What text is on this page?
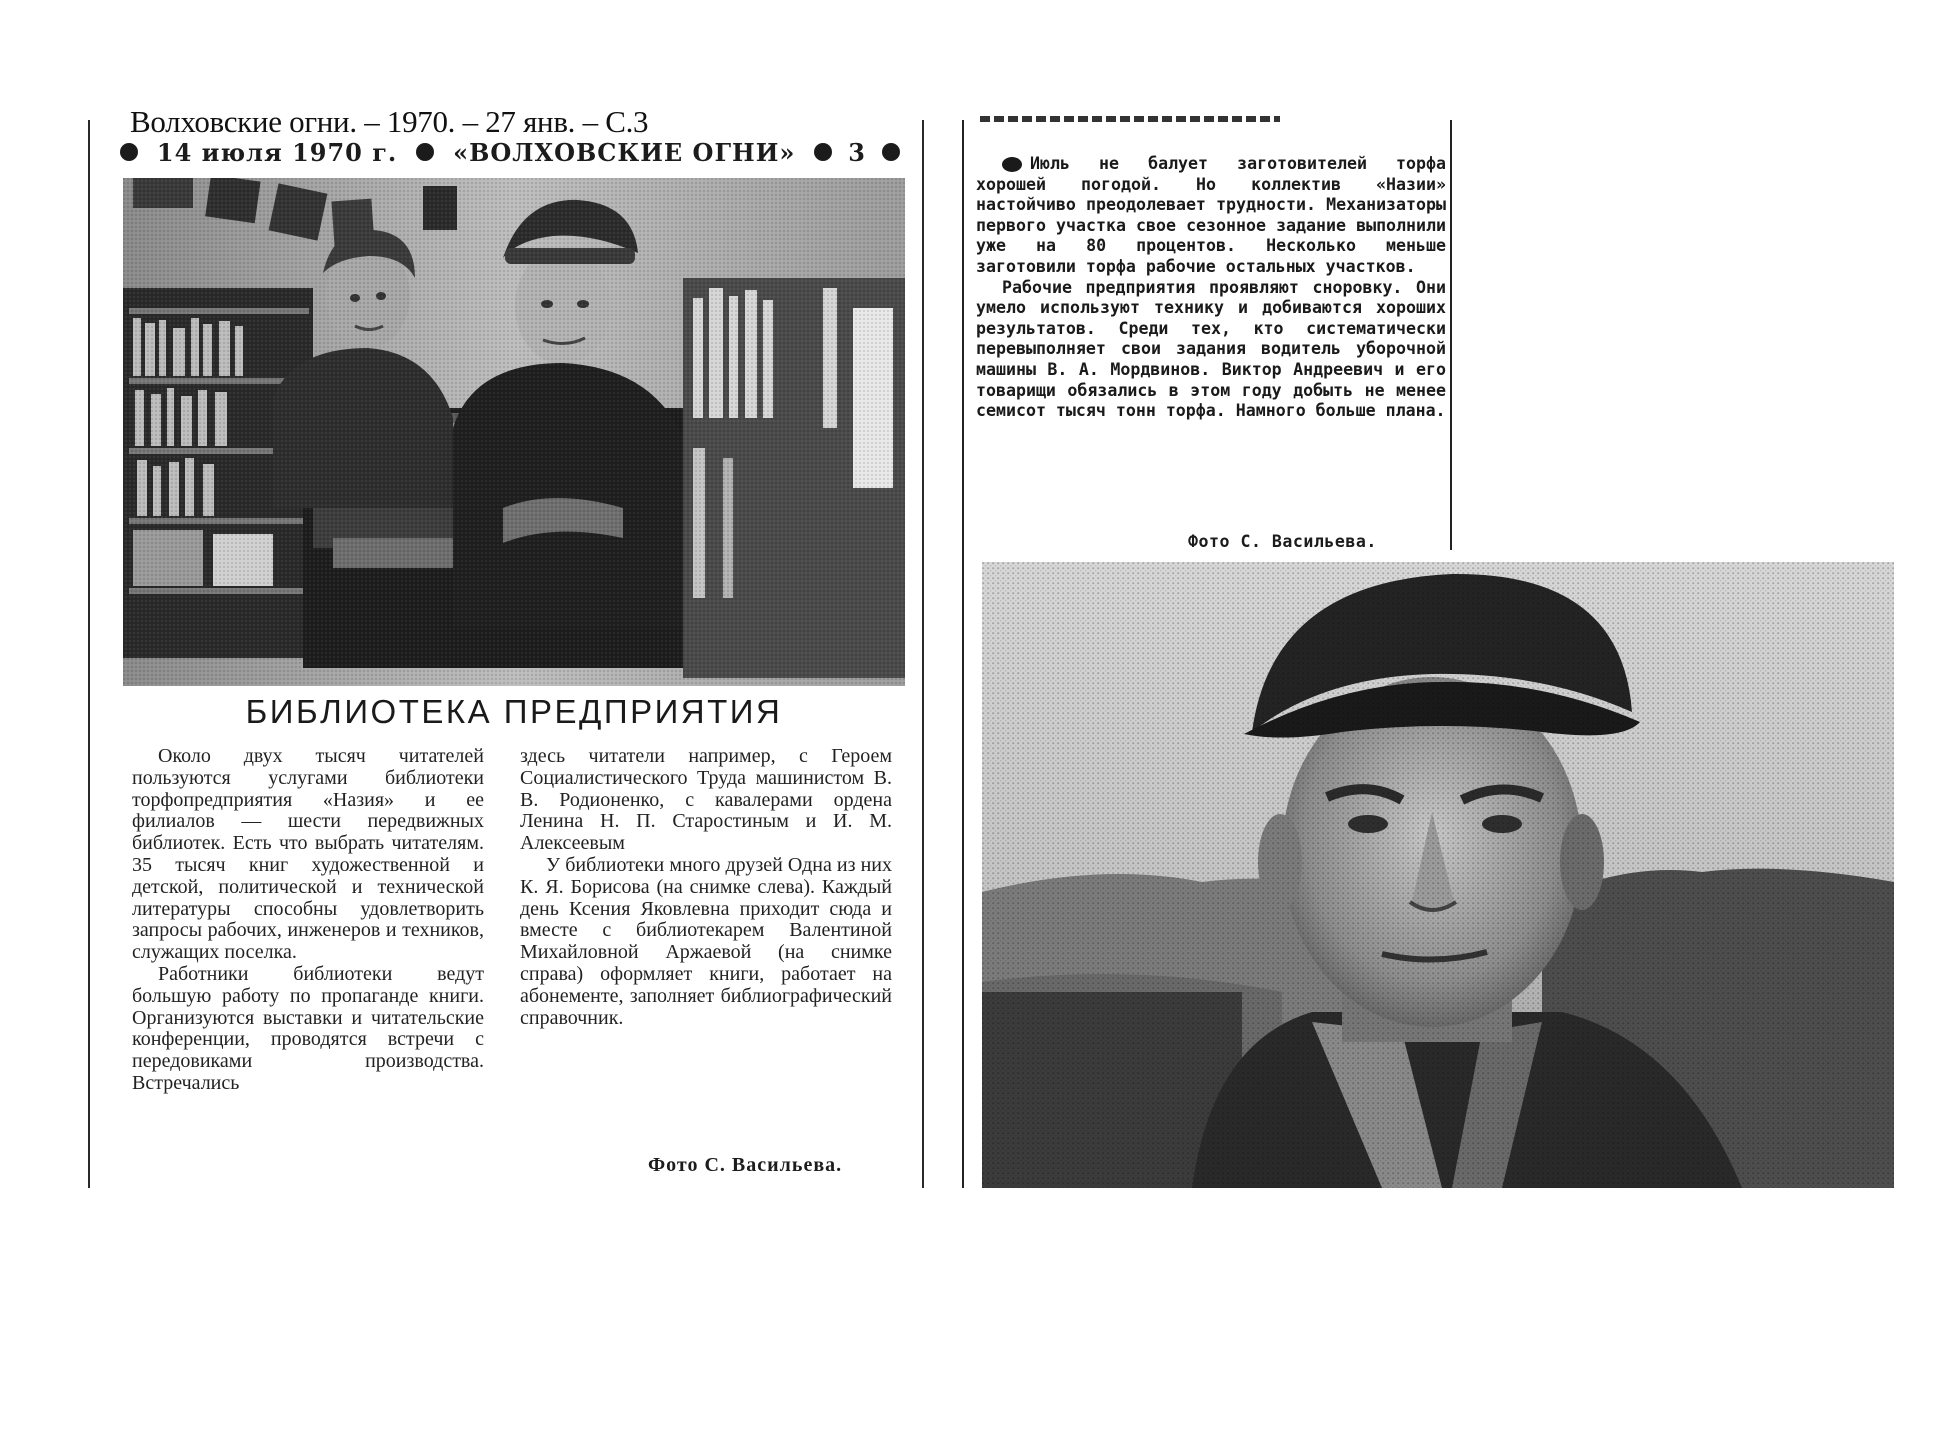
Волховские огни. – 1970. – 27 янв. – С.3
14 июля 1970 г. «ВОЛХОВСКИЕ ОГНИ» 3
БИБЛИОТЕКА ПРЕДПРИЯТИЯ

Около двух тысяч читателей пользуются услугами библиотеки торфопредприятия «Назия» и ее филиалов — шести передвижных библиотек. Есть что выбрать читателям. 35 тысяч книг художественной и детской, политической и технической литературы способны удовлетворить запросы рабочих, инженеров и техников, служащих поселка.

Работники библиотеки ведут большую работу по пропаганде книги. Организуются выставки и читательские конференции, проводятся встречи с передовиками производства. Встречались

здесь читатели например, с Героем Социалистического Труда машинистом В. В. Родионенко, с кавалерами ордена Ленина Н. П. Старостиным и И. М. Алексеевым

У библиотеки много друзей Одна из них К. Я. Борисова (на снимке слева). Каждый день Ксения Яковлевна приходит сюда и вместе с библиотекарем Валентиной Михайловной Аржаевой (на снимке справа) оформляет книги, работает на абонементе, заполняет библиографический справочник.

Фото С. Васильева.

Июль не балует заготовителей торфа хорошей погодой. Но коллектив «Назии» настойчиво преодолевает трудности. Механизаторы первого участка свое сезонное задание выполнили уже на 80 процентов. Несколько меньше заготовили торфа рабочие остальных участков.

Рабочие предприятия проявляют сноровку. Они умело используют технику и добиваются хороших результатов. Среди тех, кто систематически перевыполняет свои задания водитель уборочной машины В. А. Мордвинов. Виктор Андреевич и его товарищи обязались в этом году добыть не менее семисот тысяч тонн торфа. Намного больше плана.

Фото С. Васильева.
